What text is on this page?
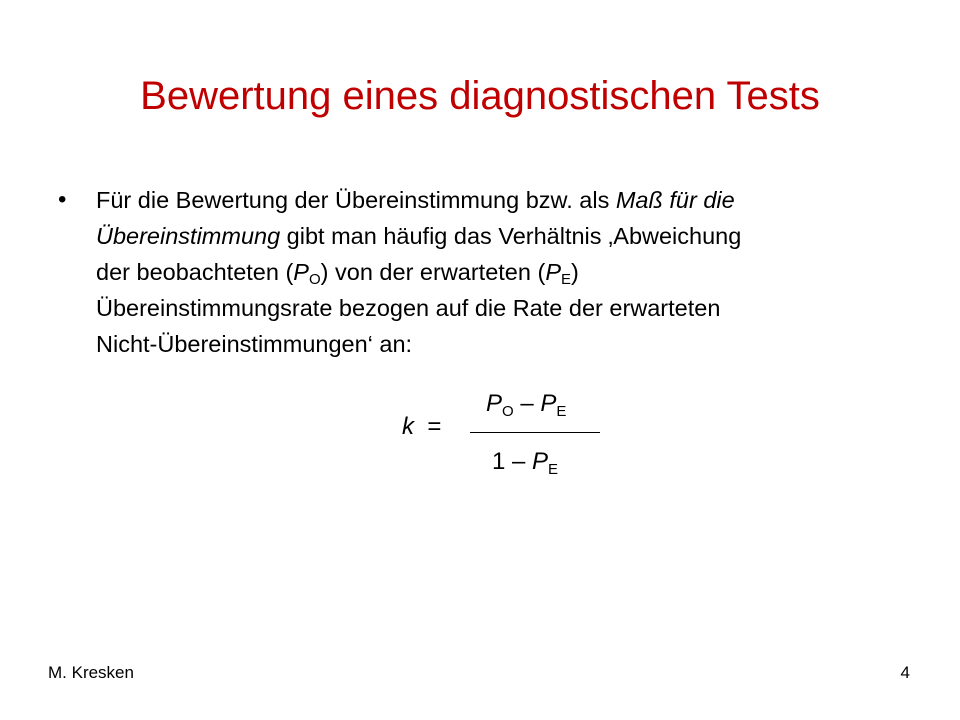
Bewertung eines diagnostischen Tests
• Für die Bewertung der Übereinstimmung bzw. als Maß für die
Übereinstimmung gibt man häufig das Verhältnis ‚Abweichung
der beobachteten $(P_O)$ von der erwarteten $(P_E)$
Übereinstimmungsrate bezogen auf die Rate der erwarteten
Nicht-Übereinstimmungen‘ an:
k =
$P_O - P_E$
$1 - P_E$
M. Kresken	4
